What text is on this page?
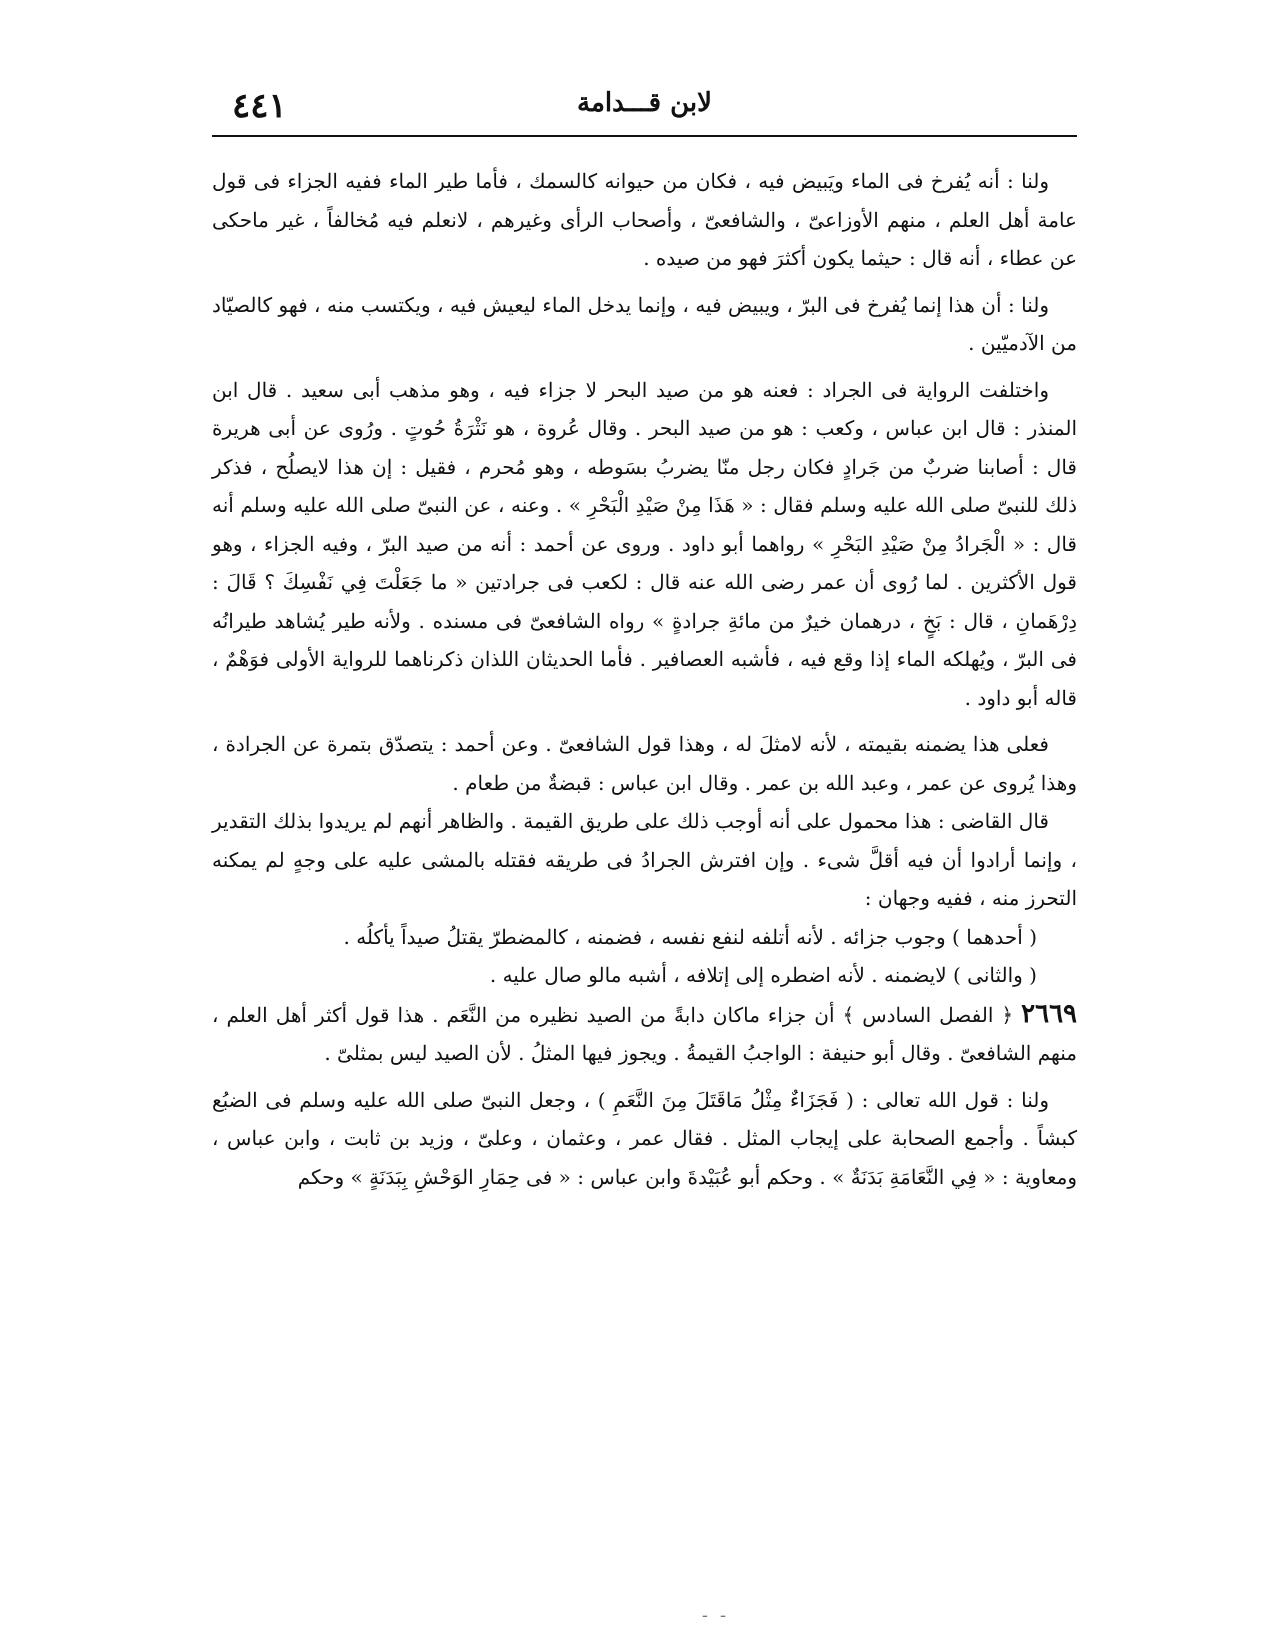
٤٤١	لابن قـــدامة

ولنا : أنه يُفرخ فى الماء ويَبيض فيه ، فكان من حيوانه كالسمك ، فأما طير الماء ففيه الجزاء فى قول عامة أهل العلم ، منهم الأوزاعىّ ، والشافعىّ ، وأصحاب الرأى وغيرهم ، لانعلم فيه مُخالفاً ، غير ماحكى عن عطاء ، أنه قال : حيثما يكون أكثرَ فهو من صيده .

ولنا : أن هذا إنما يُفرخ فى البرّ ، ويبيض فيه ، وإنما يدخل الماء ليعيش فيه ، ويكتسب منه ، فهو كالصيّاد من الآدميّين .

واختلفت الرواية فى الجراد : فعنه هو من صيد البحر لا جزاء فيه ، وهو مذهب أبى سعيد . قال ابن المنذر : قال ابن عباس ، وكعب : هو من صيد البحر . وقال عُروة ، هو نَثْرَةُ حُوتٍ . ورُوى عن أبى هريرة قال : أصابنا ضربٌ من جَرادٍ فكان رجل منّا يضربُ بسَوطه ، وهو مُحرم ، فقيل : إن هذا لايصلُح ، فذكر ذلك للنبىّ صلى الله عليه وسلم فقال : « هَذَا مِنْ صَيْدِ الْبَحْرِ » . وعنه ، عن النبىّ صلى الله عليه وسلم أنه قال : « الْجَرادُ مِنْ صَيْدِ البَحْرِ » رواهما أبو داود . وروى عن أحمد : أنه من صيد البرّ ، وفيه الجزاء ، وهو قول الأكثرين . لما رُوى أن عمر رضى الله عنه قال : لكعب فى جرادتين « ما جَعَلْتَ فِي نَفْسِكَ ؟ قَالَ : دِرْهَمانِ ، قال : بَخٍ ، درهمان خيرٌ من مائةِ جرادةٍ » رواه الشافعىّ فى مسنده . ولأنه طير يُشاهد طيرانُه فى البرّ ، ويُهلكه الماء إذا وقع فيه ، فأشبه العصافير . فأما الحديثان اللذان ذكرناهما للرواية الأولى فوَهْمٌ ، قاله أبو داود .

فعلى هذا يضمنه بقيمته ، لأنه لامثلَ له ، وهذا قول الشافعىّ . وعن أحمد : يتصدّق بتمرة عن الجرادة ، وهذا يُروى عن عمر ، وعبد الله بن عمر . وقال ابن عباس : قبضةٌ من طعام .

قال القاضى : هذا محمول على أنه أوجب ذلك على طريق القيمة . والظاهر أنهم لم يريدوا بذلك التقدير ، وإنما أرادوا أن فيه أقلَّ شىء . وإن افترش الجرادُ فى طريقه فقتله بالمشى عليه على وجهٍ لم يمكنه التحرز منه ، ففيه وجهان :

( أحدهما ) وجوب جزائه . لأنه أتلفه لنفع نفسه ، فضمنه ، كالمضطرّ يقتلُ صيداً يأكلُه .

( والثانى ) لايضمنه . لأنه اضطره إلى إتلافه ، أشبه مالو صال عليه .

٢٦٦٩ ﴿ الفصل السادس ﴾ أن جزاء ماكان دابةً من الصيد نظيره من النَّعَم . هذا قول أكثر أهل العلم ، منهم الشافعىّ . وقال أبو حنيفة : الواجبُ القيمةُ . ويجوز فيها المثلُ . لأن الصيد ليس بمثلىّ .

ولنا : قول الله تعالى : ( فَجَزَاءٌ مِثْلُ مَاقَتَلَ مِنَ النَّعَمِ ) ، وجعل النبىّ صلى الله عليه وسلم فى الضبُع كبشاً . وأجمع الصحابة على إيجاب المثل . فقال عمر ، وعثمان ، وعلىّ ، وزيد بن ثابت ، وابن عباس ، ومعاوية : « فِي النَّعَامَةِ بَدَنَةٌ » . وحكم أبو عُبَيْدةَ وابن عباس : « فى حِمَارِ الوَحْشِ بِبَدَنَةٍ » وحكم

--
